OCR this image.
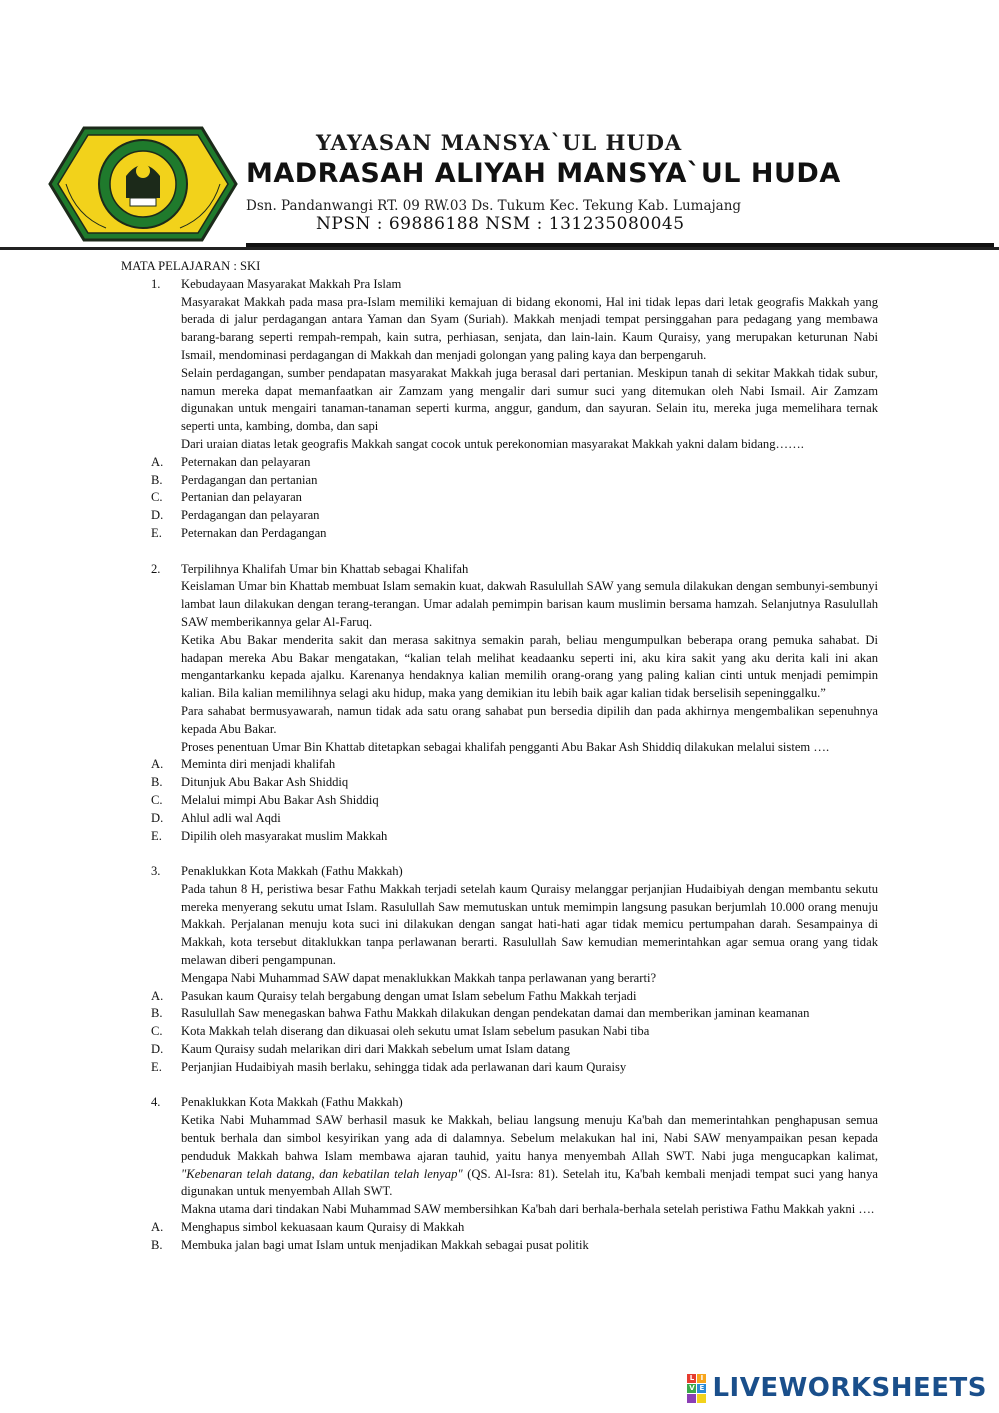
YAYASAN MANSYA`UL HUDA
MADRASAH ALIYAH MANSYA`UL HUDA
Dsn. Pandanwangi RT. 09 RW.03 Ds. Tukum Kec. Tekung Kab. Lumajang
NPSN : 69886188 NSM : 131235080045
MATA PELAJARAN : SKI
1. Kebudayaan Masyarakat Makkah Pra Islam
Masyarakat Makkah pada masa pra-Islam memiliki kemajuan di bidang ekonomi, Hal ini tidak lepas dari letak geografis Makkah yang berada di jalur perdagangan antara Yaman dan Syam (Suriah). Makkah menjadi tempat persinggahan para pedagang yang membawa barang-barang seperti rempah-rempah, kain sutra, perhiasan, senjata, dan lain-lain. Kaum Quraisy, yang merupakan keturunan Nabi Ismail, mendominasi perdagangan di Makkah dan menjadi golongan yang paling kaya dan berpengaruh.
Selain perdagangan, sumber pendapatan masyarakat Makkah juga berasal dari pertanian. Meskipun tanah di sekitar Makkah tidak subur, namun mereka dapat memanfaatkan air Zamzam yang mengalir dari sumur suci yang ditemukan oleh Nabi Ismail. Air Zamzam digunakan untuk mengairi tanaman-tanaman seperti kurma, anggur, gandum, dan sayuran. Selain itu, mereka juga memelihara ternak seperti unta, kambing, domba, dan sapi
Dari uraian diatas letak geografis Makkah sangat cocok untuk perekonomian masyarakat Makkah yakni dalam bidang…….
A. Peternakan dan pelayaran
B. Perdagangan dan pertanian
C. Pertanian dan pelayaran
D. Perdagangan dan pelayaran
E. Peternakan dan Perdagangan
2. Terpilihnya Khalifah Umar bin Khattab sebagai Khalifah
Keislaman Umar bin Khattab membuat Islam semakin kuat, dakwah Rasulullah SAW yang semula dilakukan dengan sembunyi-sembunyi lambat laun dilakukan dengan terang-terangan. Umar adalah pemimpin barisan kaum muslimin bersama hamzah. Selanjutnya Rasulullah SAW memberikannya gelar Al-Faruq.
Ketika Abu Bakar menderita sakit dan merasa sakitnya semakin parah, beliau mengumpulkan beberapa orang pemuka sahabat. Di hadapan mereka Abu Bakar mengatakan, “kalian telah melihat keadaanku seperti ini, aku kira sakit yang aku derita kali ini akan mengantarkanku kepada ajalku. Karenanya hendaknya kalian memilih orang-orang yang paling kalian cinti untuk menjadi pemimpin kalian. Bila kalian memilihnya selagi aku hidup, maka yang demikian itu lebih baik agar kalian tidak berselisih sepeninggalku.”
Para sahabat bermusyawarah, namun tidak ada satu orang sahabat pun bersedia dipilih dan pada akhirnya mengembalikan sepenuhnya kepada Abu Bakar.
Proses penentuan Umar Bin Khattab ditetapkan sebagai khalifah pengganti Abu Bakar Ash Shiddiq dilakukan melalui sistem ….
A. Meminta diri menjadi khalifah
B. Ditunjuk Abu Bakar Ash Shiddiq
C. Melalui mimpi Abu Bakar Ash Shiddiq
D. Ahlul adli wal Aqdi
E. Dipilih oleh masyarakat muslim Makkah
3. Penaklukkan Kota Makkah (Fathu Makkah)
Pada tahun 8 H, peristiwa besar Fathu Makkah terjadi setelah kaum Quraisy melanggar perjanjian Hudaibiyah dengan membantu sekutu mereka menyerang sekutu umat Islam. Rasulullah Saw memutuskan untuk memimpin langsung pasukan berjumlah 10.000 orang menuju Makkah. Perjalanan menuju kota suci ini dilakukan dengan sangat hati-hati agar tidak memicu pertumpahan darah. Sesampainya di Makkah, kota tersebut ditaklukkan tanpa perlawanan berarti. Rasulullah Saw kemudian memerintahkan agar semua orang yang tidak melawan diberi pengampunan.
Mengapa Nabi Muhammad SAW dapat menaklukkan Makkah tanpa perlawanan yang berarti?
A. Pasukan kaum Quraisy telah bergabung dengan umat Islam sebelum Fathu Makkah terjadi
B. Rasulullah Saw menegaskan bahwa Fathu Makkah dilakukan dengan pendekatan damai dan memberikan jaminan keamanan
C. Kota Makkah telah diserang dan dikuasai oleh sekutu umat Islam sebelum pasukan Nabi tiba
D. Kaum Quraisy sudah melarikan diri dari Makkah sebelum umat Islam datang
E. Perjanjian Hudaibiyah masih berlaku, sehingga tidak ada perlawanan dari kaum Quraisy
4. Penaklukkan Kota Makkah (Fathu Makkah)
Ketika Nabi Muhammad SAW berhasil masuk ke Makkah, beliau langsung menuju Ka'bah dan memerintahkan penghapusan semua bentuk berhala dan simbol kesyirikan yang ada di dalamnya. Sebelum melakukan hal ini, Nabi SAW menyampaikan pesan kepada penduduk Makkah bahwa Islam membawa ajaran tauhid, yaitu hanya menyembah Allah SWT. Nabi juga mengucapkan kalimat, "Kebenaran telah datang, dan kebatilan telah lenyap" (QS. Al-Isra: 81). Setelah itu, Ka'bah kembali menjadi tempat suci yang hanya digunakan untuk menyembah Allah SWT.
Makna utama dari tindakan Nabi Muhammad SAW membersihkan Ka'bah dari berhala-berhala setelah peristiwa Fathu Makkah yakni ….
A. Menghapus simbol kekuasaan kaum Quraisy di Makkah
B. Membuka jalan bagi umat Islam untuk menjadikan Makkah sebagai pusat politik
L I
V E LIVEWORKSHEETS
